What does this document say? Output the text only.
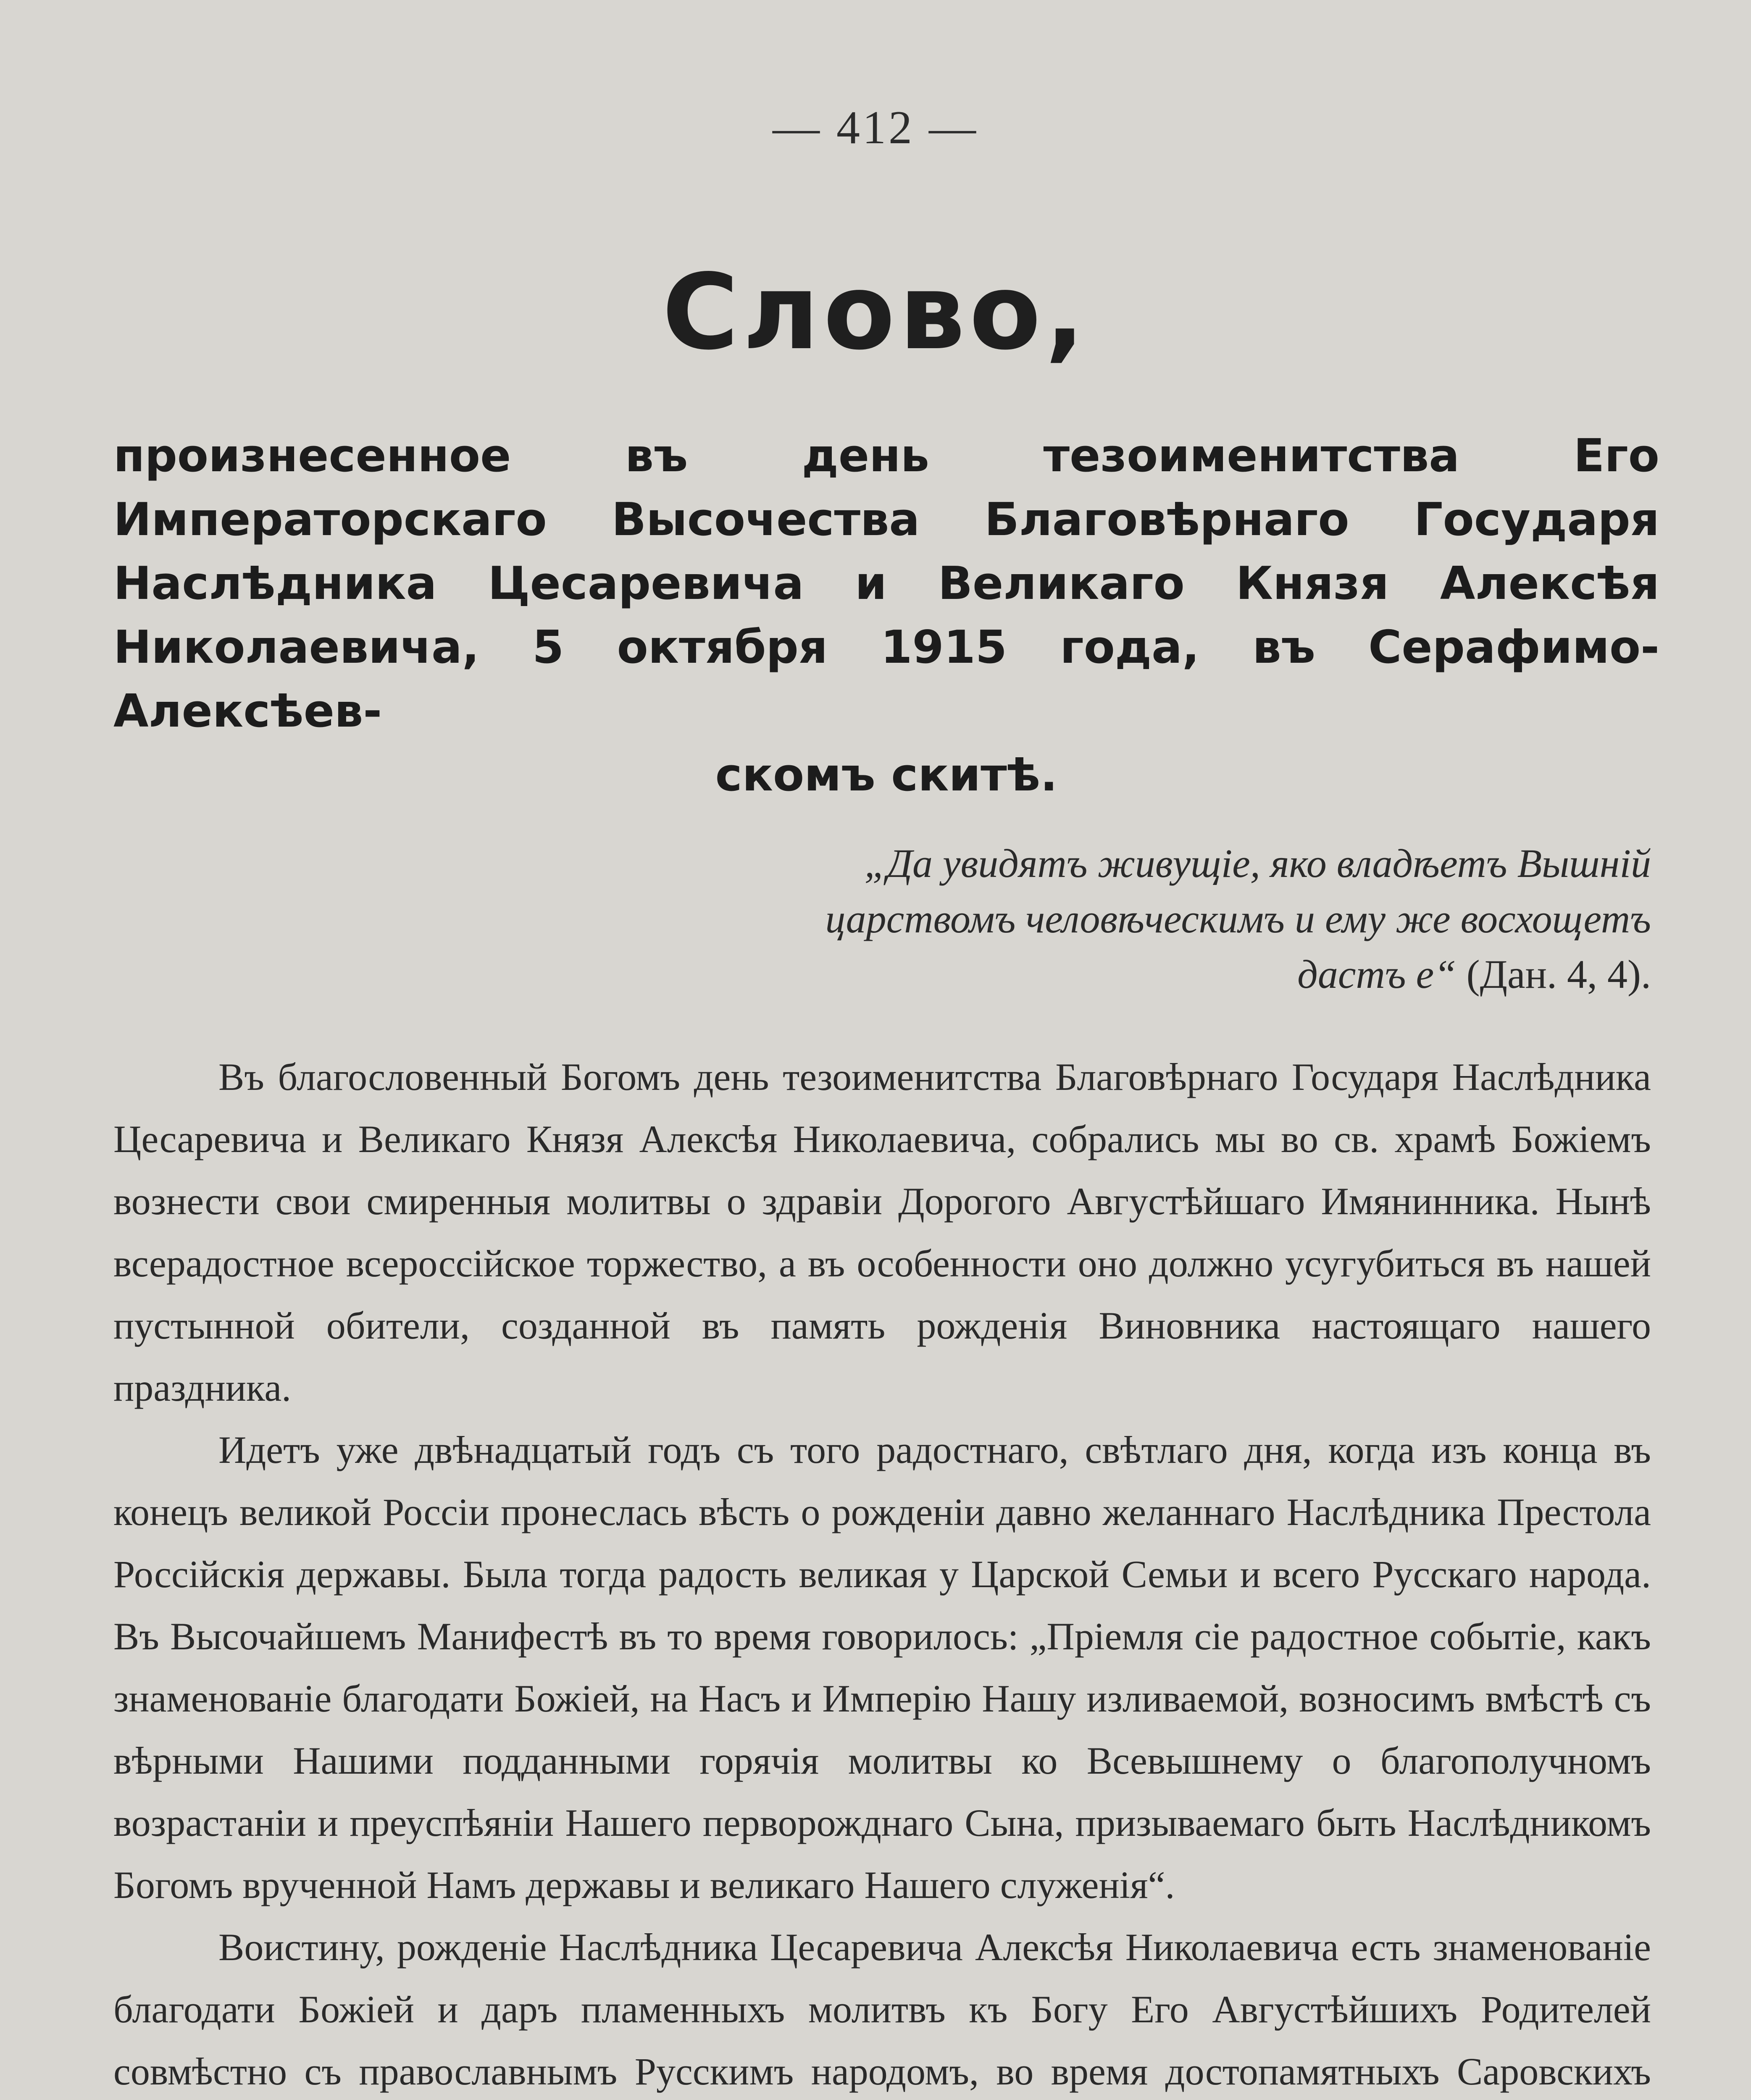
— 412 —
Слово,
произнесенное въ день тезоименитства Его Императорскаго Высочества Благовѣрнаго Государя Наслѣдника Цесаревича и Великаго Князя Алексѣя Николаевича, 5 октября 1915 года, въ Серафимо-Алексѣев-
скомъ скитѣ.
„Да увидятъ живущіе, яко владѣетъ Вышній царствомъ человѣческимъ и ему же восхощетъ дастъ е“ (Дан. 4, 4).

Въ благословенный Богомъ день тезоименитства Благовѣрнаго Государя Наслѣдника Цесаревича и Великаго Князя Алексѣя Николаевича, собрались мы во св. храмѣ Божіемъ вознести свои смиренныя молитвы о здравіи Дорогого Августѣйшаго Имянинника. Нынѣ всерадостное всероссійское торжество, а въ особенности оно должно усугубиться въ нашей пустынной обители, созданной въ память рожденія Виновника настоящаго нашего праздника.

Идетъ уже двѣнадцатый годъ съ того радостнаго, свѣтлаго дня, когда изъ конца въ конецъ великой Россіи пронеслась вѣсть о рожденіи давно желаннаго Наслѣдника Престола Россійскія державы. Была тогда радость великая у Царской Семьи и всего Русскаго народа. Въ Высочайшемъ Манифестѣ въ то время говорилось: „Пріемля сіе радостное событіе, какъ знаменованіе благодати Божіей, на Насъ и Имперію Нашу изливаемой, возносимъ вмѣстѣ съ вѣрными Нашими подданными горячія молитвы ко Всевышнему о благополучномъ возрастаніи и преуспѣяніи Нашего перворожднаго Сына, призываемаго быть Наслѣдникомъ Богомъ врученной Намъ державы и великаго Нашего служенія“.

Воистину, рожденіе Наслѣдника Цесаревича Алексѣя Николаевича есть знаменованіе благодати Божіей и даръ пламенныхъ молитвъ къ Богу Его Августѣйшихъ Родителей совмѣстно съ православнымъ Русскимъ народомъ, во время достопамятныхъ Саровскихъ
